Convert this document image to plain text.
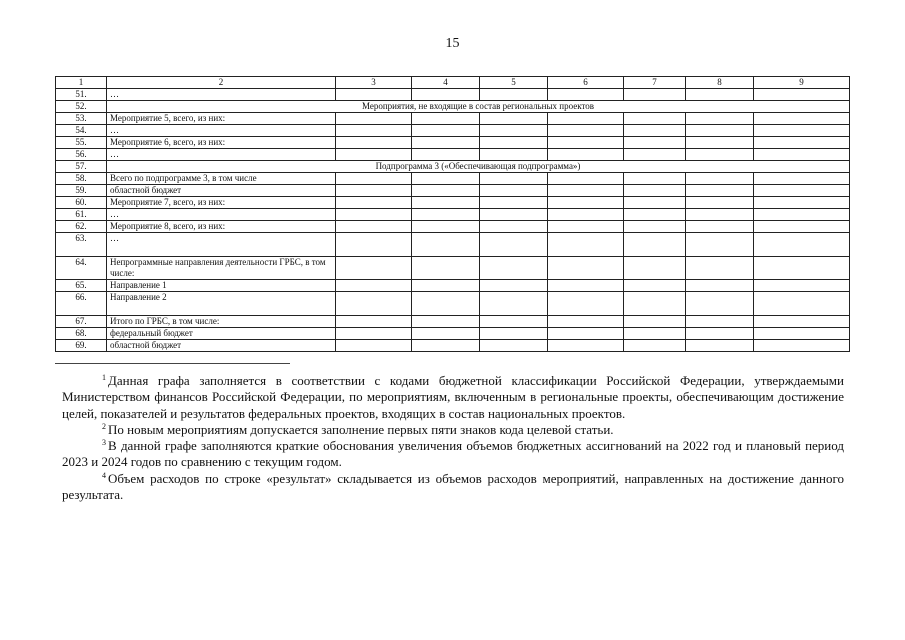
15
1	2	3	4	5	6	7	8	9
51.	…							
52.	Мероприятия, не входящие в состав региональных проектов							
53.	Мероприятие 5, всего, из них:							
54.	…							
55.	Мероприятие 6, всего, из них:							
56.	…							
57.	Подпрограмма 3 («Обеспечивающая подпрограмма»)							
58.	Всего по подпрограмме 3, в том числе							
59.	областной бюджет							
60.	Мероприятие 7, всего, из них:							
61.	…							
62.	Мероприятие 8, всего, из них:							
63.	…							
64.	Непрограммные направления деятельности ГРБС, в том числе:							
65.	Направление 1							
66.	Направление 2							
67.	Итого по ГРБС, в том числе:							
68.	федеральный бюджет							
69.	областной бюджет							

$^1$ Данная графа заполняется в соответствии с кодами бюджетной классификации Российской Федерации, утверждаемыми Министерством финансов Российской Федерации, по мероприятиям, включенным в региональные проекты, обеспечивающим достижение целей, показателей и результатов федеральных проектов, входящих в состав национальных проектов.

$^2$ По новым мероприятиям допускается заполнение первых пяти знаков кода целевой статьи.

$^3$ В данной графе заполняются краткие обоснования увеличения объемов бюджетных ассигнований на 2022 год и плановый период 2023 и 2024 годов по сравнению с текущим годом.

$^4$ Объем расходов по строке «результат» складывается из объемов расходов мероприятий, направленных на достижение данного результата.
